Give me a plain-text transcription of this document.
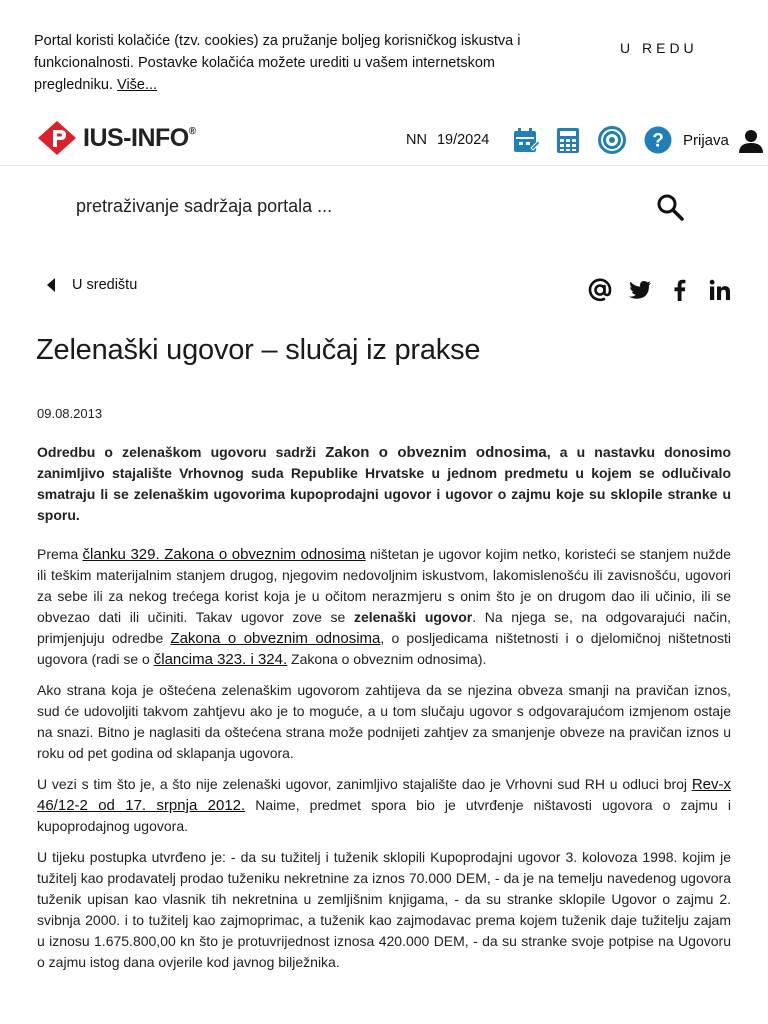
Portal koristi kolačiće (tzv. cookies) za pružanje boljeg korisničkog iskustva i funkcionalnosti. Postavke kolačića možete urediti u vašem internetskom pregledniku. Više...
U REDU
IUS-INFO®
NN 19/2024	? Prijava
pretraživanje sadržaja portala ...
U središtu
Zelenaški ugovor – slučaj iz prakse
09.08.2013

Odredbu o zelenaškom ugovoru sadrži Zakon o obveznim odnosima, a u nastavku donosimo zanimljivo stajalište Vrhovnog suda Republike Hrvatske u jednom predmetu u kojem se odlučivalo smatraju li se zelenaškim ugovorima kupoprodajni ugovor i ugovor o zajmu koje su sklopile stranke u sporu.

Prema članku 329. Zakona o obveznim odnosima ništetan je ugovor kojim netko, koristeći se stanjem nužde ili teškim materijalnim stanjem drugog, njegovim nedovoljnim iskustvom, lakomislenošću ili zavisnošću, ugovori za sebe ili za nekog trećega korist koja je u očitom nerazmjeru s onim što je on drugom dao ili učinio, ili se obvezao dati ili učiniti. Takav ugovor zove se zelenaški ugovor. Na njega se, na odgovarajući način, primjenjuju odredbe Zakona o obveznim odnosima, o posljedicama ništetnosti i o djelomičnoj ništetnosti ugovora (radi se o člancima 323. i 324. Zakona o obveznim odnosima).

Ako strana koja je oštećena zelenaškim ugovorom zahtijeva da se njezina obveza smanji na pravičan iznos, sud će udovoljiti takvom zahtjevu ako je to moguće, a u tom slučaju ugovor s odgovarajućom izmjenom ostaje na snazi. Bitno je naglasiti da oštećena strana može podnijeti zahtjev za smanjenje obveze na pravičan iznos u roku od pet godina od sklapanja ugovora.

U vezi s tim što je, a što nije zelenaški ugovor, zanimljivo stajalište dao je Vrhovni sud RH u odluci broj Rev-x 46/12-2 od 17. srpnja 2012. Naime, predmet spora bio je utvrđenje ništavosti ugovora o zajmu i kupoprodajnog ugovora.

U tijeku postupka utvrđeno je: - da su tužitelj i tuženik sklopili Kupoprodajni ugovor 3. kolovoza 1998. kojim je tužitelj kao prodavatelj prodao tuženiku nekretnine za iznos 70.000 DEM, - da je na temelju navedenog ugovora tuženik upisan kao vlasnik tih nekretnina u zemljišnim knjigama, - da su stranke sklopile Ugovor o zajmu 2. svibnja 2000. i to tužitelj kao zajmoprimac, a tuženik kao zajmodavac prema kojem tuženik daje tužitelju zajam u iznosu 1.675.800,00 kn što je protuvrijednost iznosa 420.000 DEM, - da su stranke svoje potpise na Ugovoru o zajmu istog dana ovjerile kod javnog bilježnika.
